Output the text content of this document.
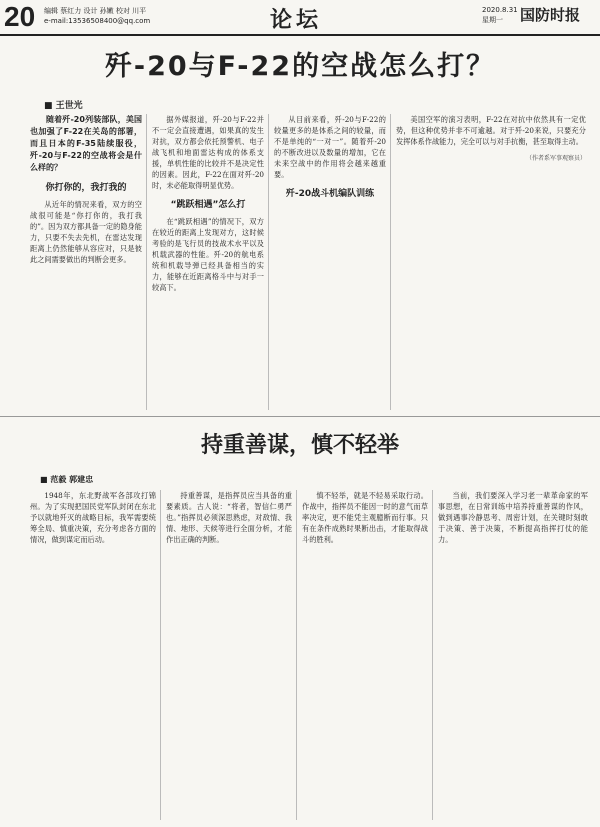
20 编辑 蔡红力 设计 孙嫩 校对 川平
e-mail:13536508400@qq.com	论坛	2020.8.31
星期一	国防时报
歼-20与F-22的空战怎么打？
■ 王世光

随着歼-20列装部队，美国也加强了F-22在关岛的部署，而且日本的F-35陆续服役，歼-20与F-22的空战将会是什么样的？

你打你的，我打我的

从近年的情况来看，双方的空战很可能是“你打你的，我打我的”。因为双方都具备一定的隐身能力，只要不失去先机，在雷达发现距离上仍然能够从容应对，只是彼此之间需要做出的判断会更多。

据外媒报道，歼-20与F-22并不一定会直接遭遇，如果真的发生对抗，双方都会依托预警机、电子战飞机和地面雷达构成的体系支援，单机性能的比较并不是决定性的因素。因此，F-22在面对歼-20时，未必能取得明显优势。

“跳跃相遇”怎么打

在“跳跃相遇”的情况下，双方在较近的距离上发现对方，这时候考验的是飞行员的技战术水平以及机载武器的性能。歼-20的航电系统和机载导弹已经具备相当的实力，能够在近距离格斗中与对手一较高下。

从目前来看，歼-20与F-22的较量更多的是体系之间的较量，而不是单纯的“一对一”。随着歼-20的不断改进以及数量的增加，它在未来空战中的作用将会越来越重要。

歼-20战斗机编队训练

美国空军的演习表明，F-22在对抗中依然具有一定优势，但这种优势并非不可逾越。对于歼-20来说，只要充分发挥体系作战能力，完全可以与对手抗衡，甚至取得主动。

（作者系军事观察员）
持重善谋，慎不轻举
■ 范毅 郭建忠

1948年，东北野战军各部攻打锦州。为了实现把国民党军队封闭在东北予以就地歼灭的战略目标，我军需要统筹全局、慎重决策，充分考虑各方面的情况，做到谋定而后动。

持重善谋，是指挥员应当具备的重要素质。古人说：“将者，智信仁勇严也。”指挥员必须深思熟虑，对敌情、我情、地形、天候等进行全面分析，才能作出正确的判断。

慎不轻举，就是不轻易采取行动。作战中，指挥员不能因一时的意气而草率决定，更不能凭主观臆断而行事。只有在条件成熟时果断出击，才能取得战斗的胜利。

当前，我们要深入学习老一辈革命家的军事思想，在日常训练中培养持重善谋的作风，做到遇事冷静思考、周密计划，在关键时刻敢于决策、善于决策，不断提高指挥打仗的能力。
